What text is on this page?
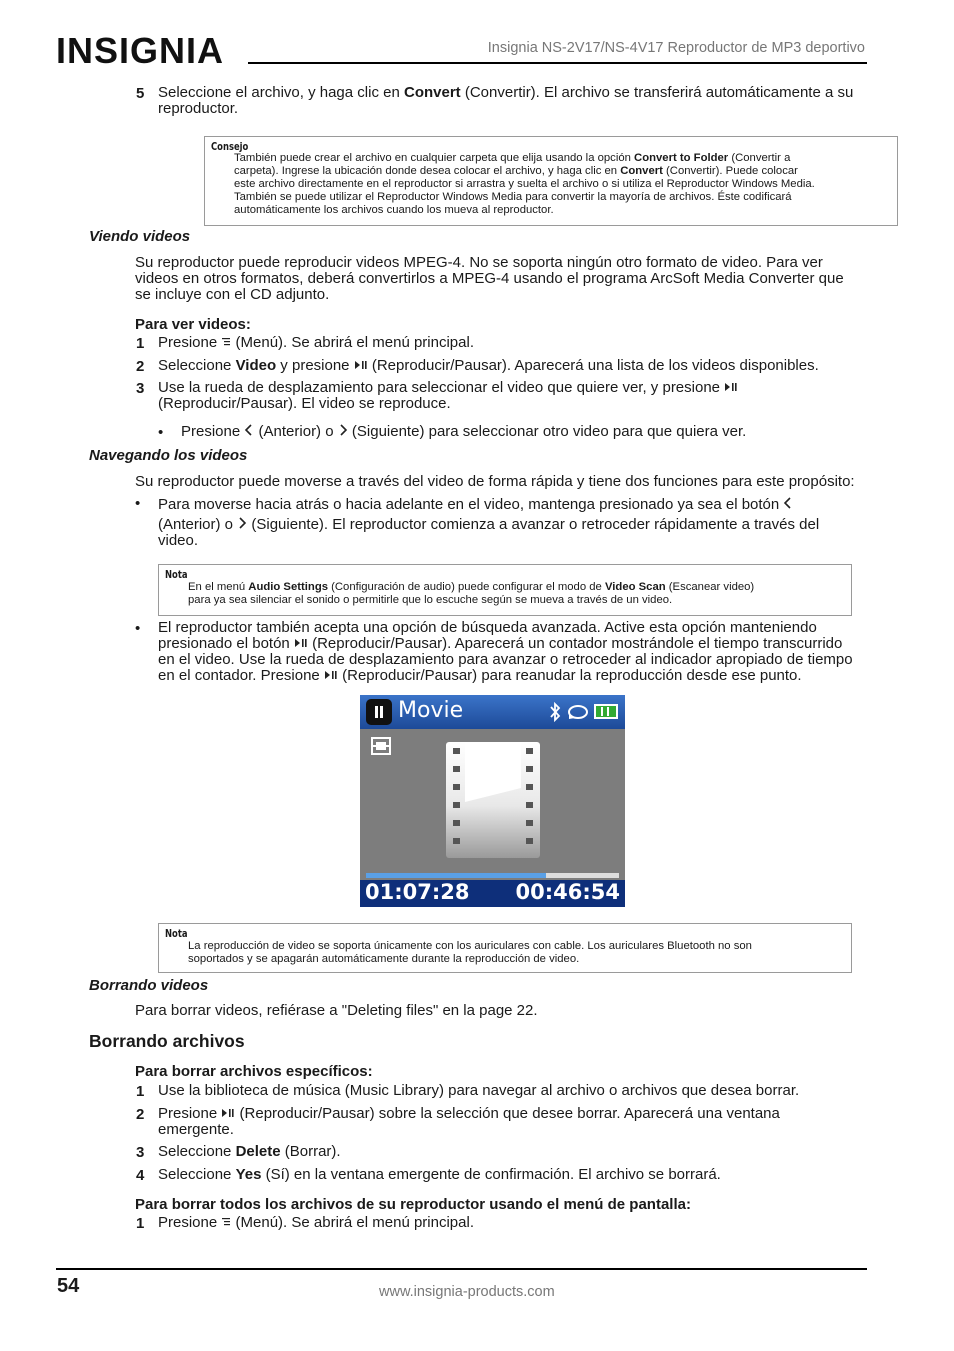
INSIGNIA	Insignia NS-2V17/NS-4V17 Reproductor de MP3 deportivo
5 Seleccione el archivo, y haga clic en Convert (Convertir). El archivo se transferirá automáticamente a su
reproductor.

Consejo
También puede crear el archivo en cualquier carpeta que elija usando la opción Convert to Folder (Convertir a
carpeta). Ingrese la ubicación donde desea colocar el archivo, y haga clic en Convert (Convertir). Puede colocar
este archivo directamente en el reproductor si arrastra y suelta el archivo o si utiliza el Reproductor Windows Media.
También se puede utilizar el Reproductor Windows Media para convertir la mayoría de archivos. Éste codificará
automáticamente los archivos cuando los mueva al reproductor.
Viendo videos

Su reproductor puede reproducir videos MPEG-4. No se soporta ningún otro formato de video. Para ver
videos en otros formatos, deberá convertirlos a MPEG-4 usando el programa ArcSoft Media Converter que
se incluye con el CD adjunto.

Para ver videos:
1 Presione  (Menú). Se abrirá el menú principal.

2 Seleccione Video y presione  (Reproducir/Pausar). Aparecerá una lista de los videos disponibles.

3 Use la rueda de desplazamiento para seleccionar el video que quiere ver, y presione
(Reproducir/Pausar). El video se reproduce.

• Presione  (Anterior) o  (Siguiente) para seleccionar otro video para que quiera ver.

Navegando los videos

Su reproductor puede moverse a través del video de forma rápida y tiene dos funciones para este propósito:

• Para moverse hacia atrás o hacia adelante en el video, mantenga presionado ya sea el botón
(Anterior) o  (Siguiente). El reproductor comienza a avanzar o retroceder rápidamente a través del
video.

Nota
En el menú Audio Settings (Configuración de audio) puede configurar el modo de Video Scan (Escanear video)
para ya sea silenciar el sonido o permitirle que lo escuche según se mueva a través de un video.
• El reproductor también acepta una opción de búsqueda avanzada. Active esta opción manteniendo
presionado el botón  (Reproducir/Pausar). Aparecerá un contador mostrándole el tiempo transcurrido
en el video. Use la rueda de desplazamiento para avanzar o retroceder al indicador apropiado de tiempo
en el contador. Presione  (Reproducir/Pausar) para reanudar la reproducción desde ese punto.

Movie
01:07:28 00:46:54
Nota
La reproducción de video se soporta únicamente con los auriculares con cable. Los auriculares Bluetooth no son
soportados y se apagarán automáticamente durante la reproducción de video.
Borrando videos

Para borrar videos, refiérase a "Deleting files" en la page 22.

Borrando archivos
Para borrar archivos específicos:
1 Use la biblioteca de música (Music Library) para navegar al archivo o archivos que desea borrar.

2 Presione  (Reproducir/Pausar) sobre la selección que desee borrar. Aparecerá una ventana
emergente.

3 Seleccione Delete (Borrar).

4 Seleccione Yes (Sí) en la ventana emergente de confirmación. El archivo se borrará.

Para borrar todos los archivos de su reproductor usando el menú de pantalla:
1 Presione  (Menú). Se abrirá el menú principal.

54	www.insignia-products.com
